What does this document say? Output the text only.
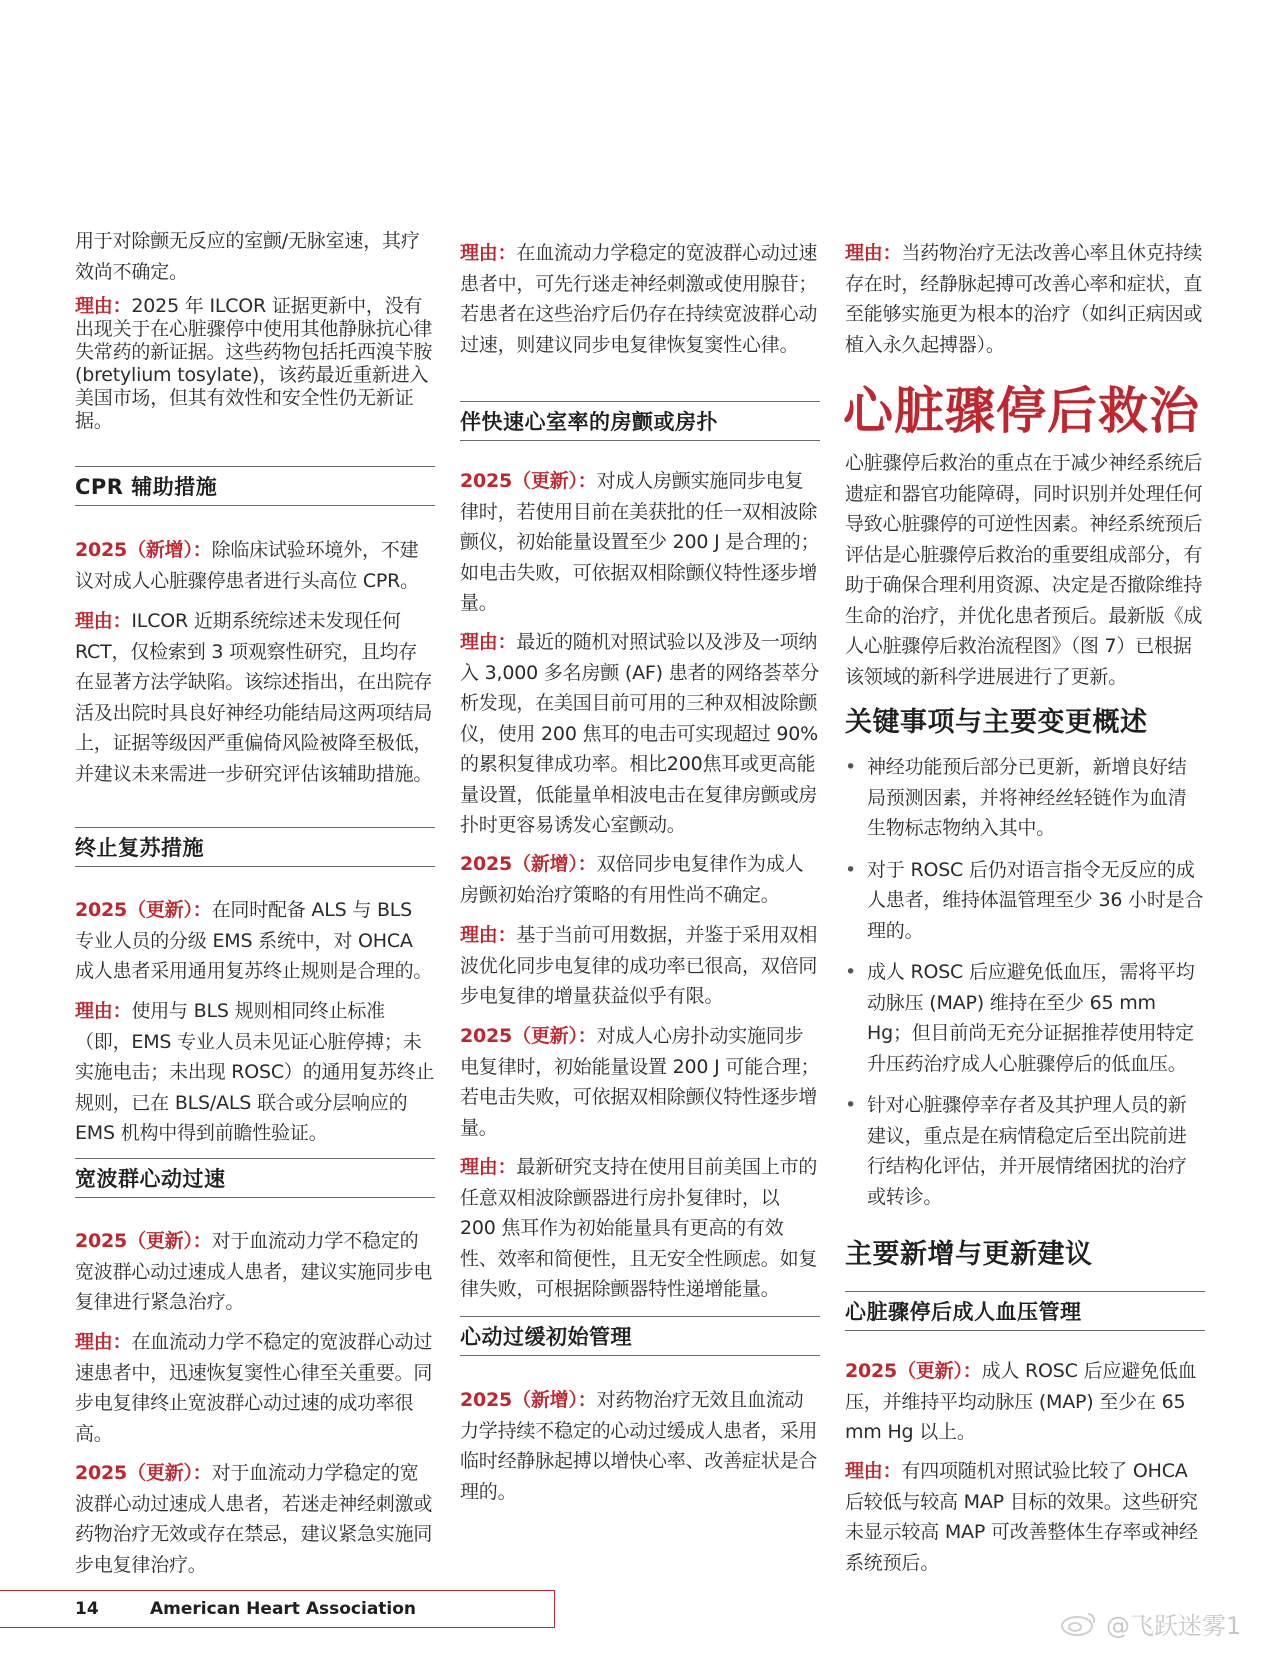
用于对除颤无反应的室颤/无脉室速，其疗效尚不确定。

理由：2025 年 ILCOR 证据更新中，没有出现关于在心脏骤停中使用其他静脉抗心律失常药的新证据。这些药物包括托西溴苄胺 (bretylium tosylate)，该药最近重新进入美国市场，但其有效性和安全性仍无新证据。

CPR 辅助措施

2025（新增）：除临床试验环境外，不建议对成人心脏骤停患者进行头高位 CPR。

理由：ILCOR 近期系统综述未发现任何 RCT，仅检索到 3 项观察性研究，且均存在显著方法学缺陷。该综述指出，在出院存活及出院时具良好神经功能结局这两项结局上，证据等级因严重偏倚风险被降至极低，并建议未来需进一步研究评估该辅助措施。

终止复苏措施

2025（更新）：在同时配备 ALS 与 BLS 专业人员的分级 EMS 系统中，对 OHCA 成人患者采用通用复苏终止规则是合理的。

理由：使用与 BLS 规则相同终止标准（即，EMS 专业人员未见证心脏停搏；未实施电击；未出现 ROSC）的通用复苏终止规则，已在 BLS/ALS 联合或分层响应的 EMS 机构中得到前瞻性验证。

宽波群心动过速

2025（更新）：对于血流动力学不稳定的宽波群心动过速成人患者，建议实施同步电复律进行紧急治疗。

理由：在血流动力学不稳定的宽波群心动过速患者中，迅速恢复窦性心律至关重要。同步电复律终止宽波群心动过速的成功率很高。

2025（更新）：对于血流动力学稳定的宽波群心动过速成人患者，若迷走神经刺激或药物治疗无效或存在禁忌，建议紧急实施同步电复律治疗。

理由：在血流动力学稳定的宽波群心动过速患者中，可先行迷走神经刺激或使用腺苷；若患者在这些治疗后仍存在持续宽波群心动过速，则建议同步电复律恢复窦性心律。

伴快速心室率的房颤或房扑

2025（更新）：对成人房颤实施同步电复律时，若使用目前在美获批的任一双相波除颤仪，初始能量设置至少 200 J 是合理的；如电击失败，可依据双相除颤仪特性逐步增量。

理由：最近的随机对照试验以及涉及一项纳入 3,000 多名房颤 (AF) 患者的网络荟萃分析发现，在美国目前可用的三种双相波除颤仪，使用 200 焦耳的电击可实现超过 90% 的累积复律成功率。相比200焦耳或更高能量设置，低能量单相波电击在复律房颤或房扑时更容易诱发心室颤动。

2025（新增）：双倍同步电复律作为成人房颤初始治疗策略的有用性尚不确定。

理由：基于当前可用数据，并鉴于采用双相波优化同步电复律的成功率已很高，双倍同步电复律的增量获益似乎有限。

2025（更新）：对成人心房扑动实施同步电复律时，初始能量设置 200 J 可能合理；若电击失败，可依据双相除颤仪特性逐步增量。

理由：最新研究支持在使用目前美国上市的任意双相波除颤器进行房扑复律时，以 200 焦耳作为初始能量具有更高的有效性、效率和简便性，且无安全性顾虑。如复律失败，可根据除颤器特性递增能量。

心动过缓初始管理

2025（新增）：对药物治疗无效且血流动力学持续不稳定的心动过缓成人患者，采用临时经静脉起搏以增快心率、改善症状是合理的。

理由：当药物治疗无法改善心率且休克持续存在时，经静脉起搏可改善心率和症状，直至能够实施更为根本的治疗（如纠正病因或植入永久起搏器）。

心脏骤停后救治

心脏骤停后救治的重点在于减少神经系统后遗症和器官功能障碍，同时识别并处理任何导致心脏骤停的可逆性因素。神经系统预后评估是心脏骤停后救治的重要组成部分，有助于确保合理利用资源、决定是否撤除维持生命的治疗，并优化患者预后。最新版《成人心脏骤停后救治流程图》（图 7）已根据该领域的新科学进展进行了更新。

关键事项与主要变更概述
• 神经功能预后部分已更新，新增良好结局预测因素，并将神经丝轻链作为血清生物标志物纳入其中。
• 对于 ROSC 后仍对语言指令无反应的成人患者，维持体温管理至少 36 小时是合理的。
• 成人 ROSC 后应避免低血压，需将平均动脉压 (MAP) 维持在至少 65 mm Hg；但目前尚无充分证据推荐使用特定升压药治疗成人心脏骤停后的低血压。
• 针对心脏骤停幸存者及其护理人员的新建议，重点是在病情稳定后至出院前进行结构化评估，并开展情绪困扰的治疗或转诊。
主要新增与更新建议
心脏骤停后成人血压管理

2025（更新）：成人 ROSC 后应避免低血压，并维持平均动脉压 (MAP) 至少在 65 mm Hg 以上。

理由：有四项随机对照试验比较了 OHCA 后较低与较高 MAP 目标的效果。这些研究未显示较高 MAP 可改善整体生存率或神经系统预后。

14	American Heart Association
@飞跃迷雾1
